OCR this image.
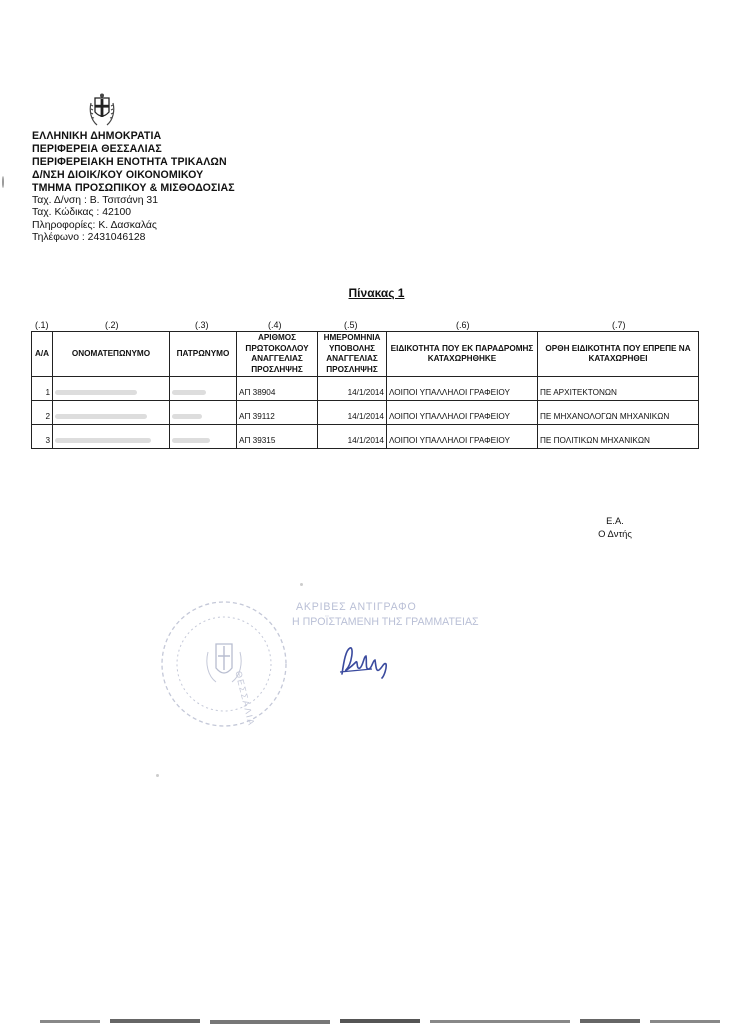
ΕΛΛΗΝΙΚΗ ΔΗΜΟΚΡΑΤΙΑ
ΠΕΡΙΦΕΡΕΙΑ ΘΕΣΣΑΛΙΑΣ
ΠΕΡΙΦΕΡΕΙΑΚΗ ΕΝΟΤΗΤΑ ΤΡΙΚΑΛΩΝ
Δ/ΝΣΗ ΔΙΟΙΚ/ΚΟΥ ΟΙΚΟΝΟΜΙΚΟΥ
ΤΜΗΜΑ ΠΡΟΣΩΠΙΚΟΥ & ΜΙΣΘΟΔΟΣΙΑΣ
Ταχ. Δ/νση : Β. Τσιτσάνη 31
Ταχ. Κώδικας : 42100
Πληροφορίες: Κ. Δασκαλάς
Τηλέφωνο : 2431046128
Πίνακας 1
(.1)	(.2)	(.3)	(.4)	(.5)	(.6)	(.7)
Α/Α	ΟΝΟΜΑΤΕΠΩΝΥΜΟ	ΠΑΤΡΩΝΥΜΟ	ΑΡΙΘΜΟΣ ΠΡΩΤΟΚΟΛΛΟΥ ΑΝΑΓΓΕΛΙΑΣ ΠΡΟΣΛΗΨΗΣ	ΗΜΕΡΟΜΗΝΙΑ ΥΠΟΒΟΛΗΣ ΑΝΑΓΓΕΛΙΑΣ ΠΡΟΣΛΗΨΗΣ	ΕΙΔΙΚΟΤΗΤΑ ΠΟΥ ΕΚ ΠΑΡΑΔΡΟΜΗΣ ΚΑΤΑΧΩΡΗΘΗΚΕ	ΟΡΘΗ ΕΙΔΙΚΟΤΗΤΑ ΠΟΥ ΕΠΡΕΠΕ ΝΑ ΚΑΤΑΧΩΡΗΘΕΙ
1			ΑΠ 38904	14/1/2014	ΛΟΙΠΟΙ ΥΠΑΛΛΗΛΟΙ ΓΡΑΦΕΙΟΥ	ΠΕ ΑΡΧΙΤΕΚΤΟΝΩΝ
2			ΑΠ 39112	14/1/2014	ΛΟΙΠΟΙ ΥΠΑΛΛΗΛΟΙ ΓΡΑΦΕΙΟΥ	ΠΕ ΜΗΧΑΝΟΛΟΓΩΝ ΜΗΧΑΝΙΚΩΝ
3			ΑΠ 39315	14/1/2014	ΛΟΙΠΟΙ ΥΠΑΛΛΗΛΟΙ ΓΡΑΦΕΙΟΥ	ΠΕ ΠΟΛΙΤΙΚΩΝ ΜΗΧΑΝΙΚΩΝ
Ε.Α.
Ο Δντής
ΘΕΣΣΑΛΙΑ
ΑΚΡΙΒΕΣ ΑΝΤΙΓΡΑΦΟ
Η ΠΡΟΪΣΤΑΜΕΝΗ ΤΗΣ ΓΡΑΜΜΑΤΕΙΑΣ
